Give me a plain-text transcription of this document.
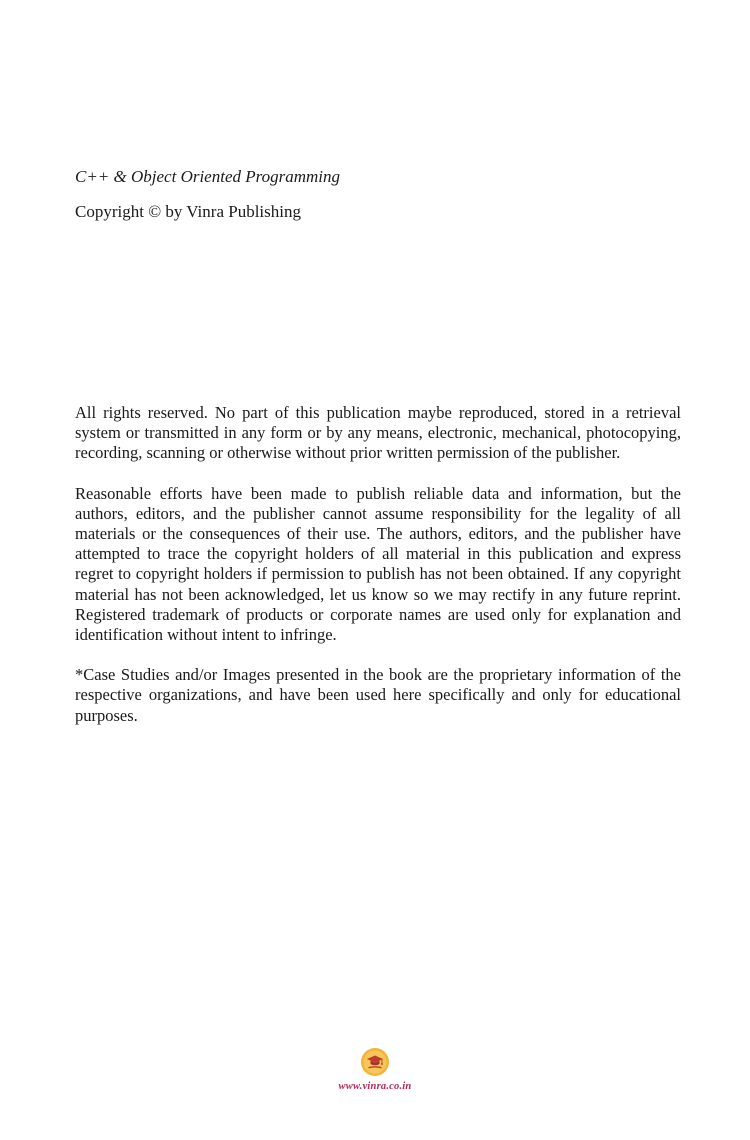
C++ & Object Oriented Programming

Copyright © by Vinra Publishing

All rights reserved. No part of this publication maybe reproduced, stored in a retrieval system or transmitted in any form or by any means, electronic, mechanical, photocopying, recording, scanning or otherwise without prior written permission of the publisher.

Reasonable efforts have been made to publish reliable data and information, but the authors, editors, and the publisher cannot assume responsibility for the legality of all materials or the consequences of their use. The authors, editors, and the publisher have attempted to trace the copyright holders of all material in this publication and express regret to copyright holders if permission to publish has not been obtained. If any copyright material has not been acknowledged, let us know so we may rectify in any future reprint. Registered trademark of products or corporate names are used only for explanation and identification without intent to infringe.

*Case Studies and/or Images presented in the book are the proprietary information of the respective organizations, and have been used here specifically and only for educational purposes.

www.vinra.co.in
